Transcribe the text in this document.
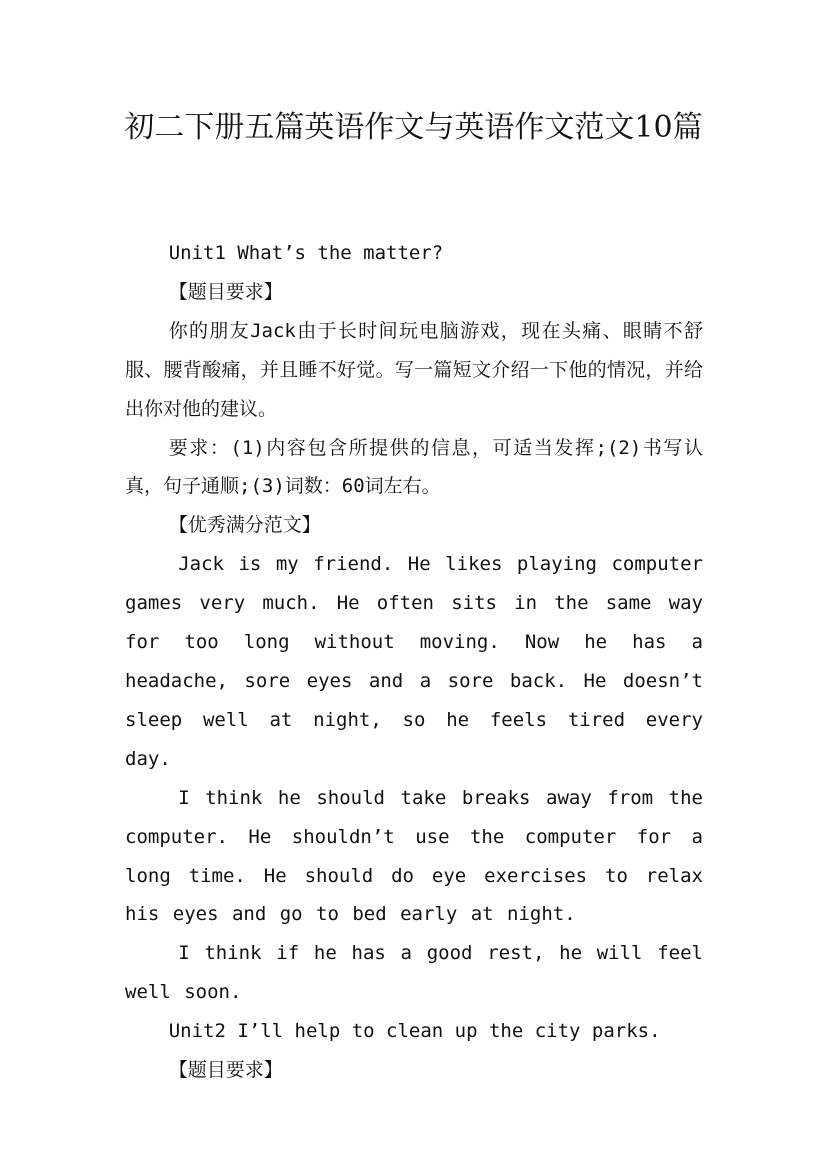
初二下册五篇英语作文与英语作文范文10篇

Unit1 What’s the matter?

【题目要求】

你的朋友Jack由于长时间玩电脑游戏，现在头痛、眼睛不舒服、腰背酸痛，并且睡不好觉。写一篇短文介绍一下他的情况，并给出你对他的建议。

要求：(1)内容包含所提供的信息，可适当发挥;(2)书写认真，句子通顺;(3)词数：60词左右。

【优秀满分范文】

Jack is my friend. He likes playing computer games very much. He often sits in the same way for too long without moving. Now he has a headache, sore eyes and a sore back. He doesn’t sleep well at night, so he feels tired every day.

I think he should take breaks away from the computer. He shouldn’t use the computer for a long time. He should do eye exercises to relax his eyes and go to bed early at night.

I think if he has a good rest, he will feel well soon.

Unit2 I’ll help to clean up the city parks.

【题目要求】
